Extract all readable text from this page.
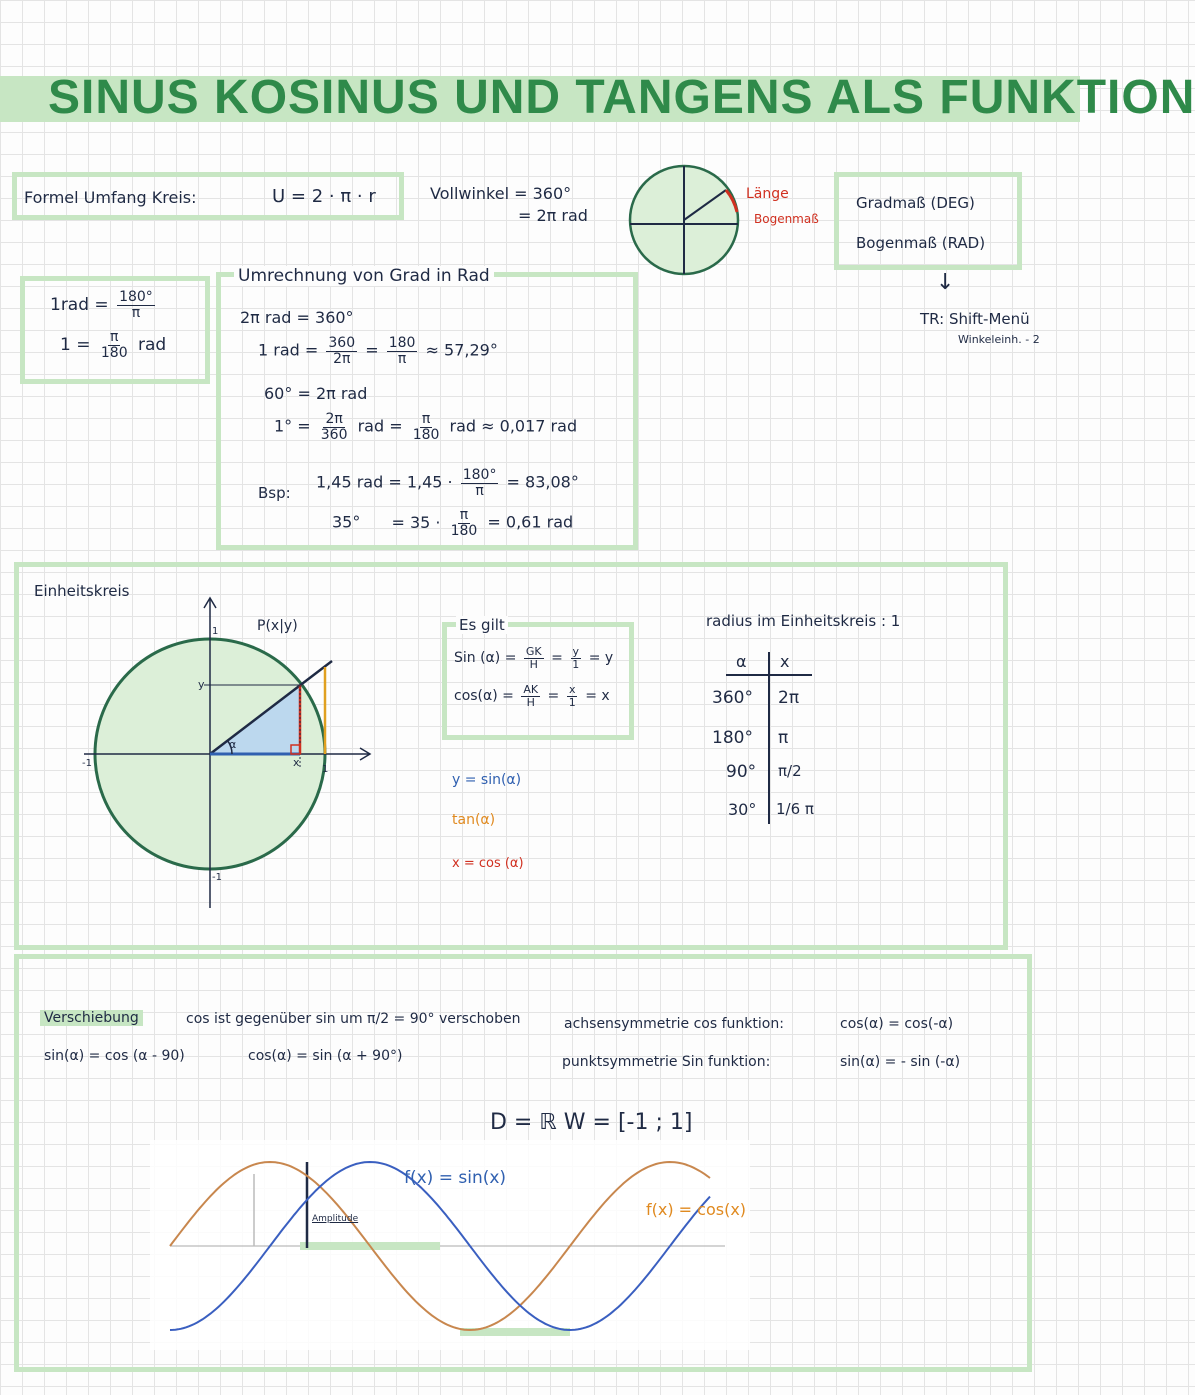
SINUS KOSINUS UND TANGENS ALS FUNKTION
Formel Umfang Kreis:	U = 2 · π · r	Vollwinkel = 360°
= 2π rad
Länge
Bogenmaß
Gradmaß (DEG)
Bogenmaß (RAD)
↓
TR: Shift-Menü
Winkeleinh. - 2
$1rad = \frac{180^\circ}{\pi}$
$1 = \frac{\pi}{180}$ rad
Umrechnung von Grad in Rad
2π rad = 360°
1 rad = $\frac{360}{2\pi} = \frac{180}{\pi} \approx 57,29^\circ$
60° = 2π rad
$1^\circ = \frac{2\pi}{360}$ rad = $\frac{\pi}{180}$ rad ≈ 0,017 rad
Bsp:
1,45 rad = $1,45 \cdot \frac{180^\circ}{\pi} = 83,08^\circ$
$35^\circ = 35 \cdot \frac{\pi}{180} = 0,61$ rad
Einheitskreis
P(x|y)
1
1
-1
-1
x
y
α
Es gilt
Sin $(\alpha) = \frac{GK}{H} = \frac{y}{1} = y$
$\cos(\alpha) = \frac{AK}{H} = \frac{x}{1} = x$
y = sin(α)
tan(α)
x = cos (α)
radius im Einheitskreis : 1
α x
360° 2π
180° π
90° π/2
30° 1/6 π
Verschiebung	cos ist gegenüber sin um π/2 = 90° verschoben
sin(α) = cos (α - 90)	cos(α) = sin (α + 90°)
achsensymmetrie cos funktion:	cos(α) = cos(-α)
punktsymmetrie Sin funktion:	sin(α) = - sin (-α)
D = ℝ W = [-1 ; 1]
f(x) = sin(x)
f(x) = cos(x)
Amplitude
